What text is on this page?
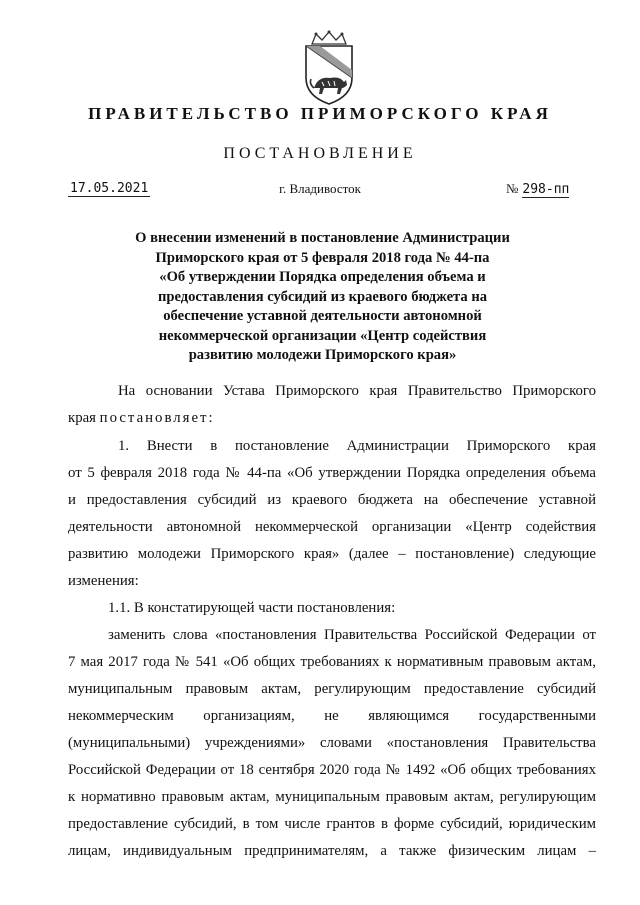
ПРАВИТЕЛЬСТВО ПРИМОРСКОГО КРАЯ
ПОСТАНОВЛЕНИЕ
17.05.2021	г. Владивосток	№ 298-пп
О внесении изменений в постановление Администрации
Приморского края от 5 февраля 2018 года № 44-па
«Об утверждении Порядка определения объема и
предоставления субсидий из краевого бюджета на
обеспечение уставной деятельности автономной
некоммерческой организации «Центр содействия
развитию молодежи Приморского края»
На основании Устава Приморского края Правительство Приморского
края постановляет:
1. Внести в постановление Администрации Приморского края
от 5 февраля 2018 года № 44-па «Об утверждении Порядка определения объема
и предоставления субсидий из краевого бюджета на обеспечение уставной
деятельности автономной некоммерческой организации «Центр содействия
развитию молодежи Приморского края» (далее – постановление) следующие
изменения:
1.1. В констатирующей части постановления:
заменить слова «постановления Правительства Российской Федерации от
7 мая 2017 года № 541 «Об общих требованиях к нормативным правовым актам,
муниципальным правовым актам, регулирующим предоставление субсидий
некоммерческим организациям, не являющимся государственными
(муниципальными) учреждениями» словами «постановления Правительства
Российской Федерации от 18 сентября 2020 года № 1492 «Об общих требованиях
к нормативно правовым актам, муниципальным правовым актам, регулирующим
предоставление субсидий, в том числе грантов в форме субсидий, юридическим
лицам, индивидуальным предпринимателям, а также физическим лицам –
